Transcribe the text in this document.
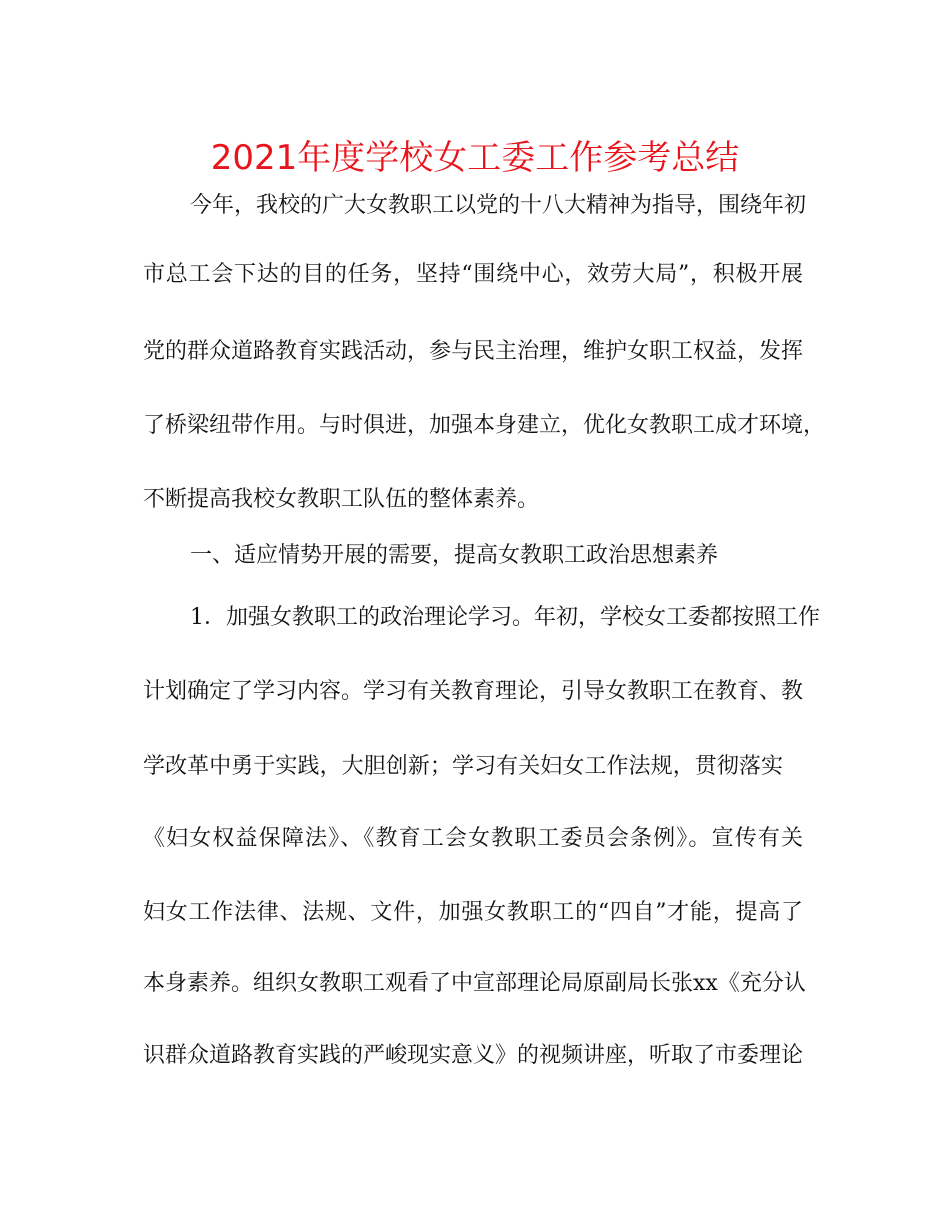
2021年度学校女工委工作参考总结
今年，我校的广大女教职工以党的十八大精神为指导，围绕年初
市总工会下达的目的任务，坚持“围绕中心，效劳大局”，积极开展
党的群众道路教育实践活动，参与民主治理，维护女职工权益，发挥
了桥梁纽带作用。与时俱进，加强本身建立，优化女教职工成才环境，
不断提高我校女教职工队伍的整体素养。
一、适应情势开展的需要，提高女教职工政治思想素养
1．加强女教职工的政治理论学习。年初，学校女工委都按照工作
计划确定了学习内容。学习有关教育理论，引导女教职工在教育、教
学改革中勇于实践，大胆创新；学习有关妇女工作法规，贯彻落实
《妇女权益保障法》、《教育工会女教职工委员会条例》。宣传有关
妇女工作法律、法规、文件，加强女教职工的“四自”才能，提高了
本身素养。组织女教职工观看了中宣部理论局原副局长张xx《充分认
识群众道路教育实践的严峻现实意义》的视频讲座，听取了市委理论
